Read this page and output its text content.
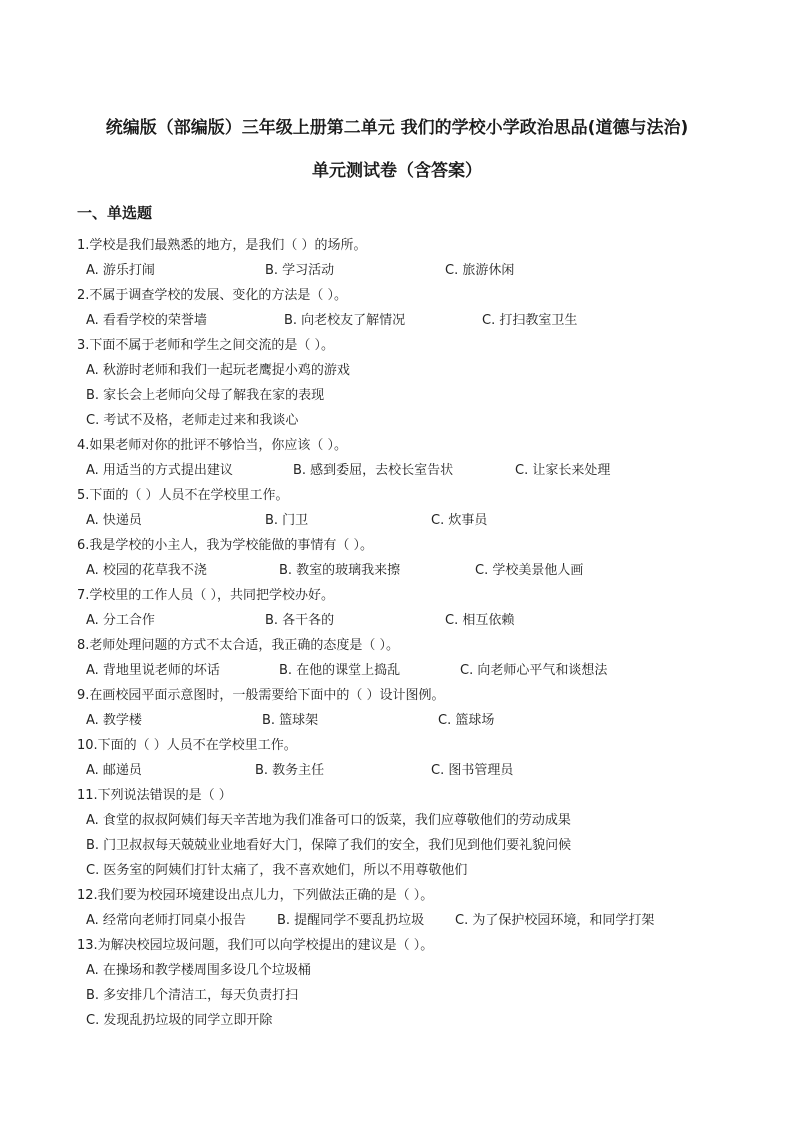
统编版（部编版）三年级上册第二单元 我们的学校小学政治思品(道德与法治)
单元测试卷（含答案）
一、单选题
1.学校是我们最熟悉的地方，是我们（ ）的场所。
A. 游乐打闹	B. 学习活动	C. 旅游休闲
2.不属于调查学校的发展、变化的方法是（ ）。
A. 看看学校的荣誉墙	B. 向老校友了解情况	C. 打扫教室卫生
3.下面不属于老师和学生之间交流的是（ ）。
A. 秋游时老师和我们一起玩老鹰捉小鸡的游戏
B. 家长会上老师向父母了解我在家的表现
C. 考试不及格，老师走过来和我谈心
4.如果老师对你的批评不够恰当，你应该（ ）。
A. 用适当的方式提出建议	B. 感到委屈，去校长室告状	C. 让家长来处理
5.下面的（ ）人员不在学校里工作。
A. 快递员	B. 门卫	C. 炊事员
6.我是学校的小主人，我为学校能做的事情有（ ）。
A. 校园的花草我不浇	B. 教室的玻璃我来擦	C. 学校美景他人画
7.学校里的工作人员（ ），共同把学校办好。
A. 分工合作	B. 各干各的	C. 相互依赖
8.老师处理问题的方式不太合适，我正确的态度是（ ）。
A. 背地里说老师的坏话	B. 在他的课堂上捣乱	C. 向老师心平气和谈想法
9.在画校园平面示意图时，一般需要给下面中的（ ）设计图例。
A. 教学楼	B. 篮球架	C. 篮球场
10.下面的（ ）人员不在学校里工作。
A. 邮递员	B. 教务主任	C. 图书管理员
11.下列说法错误的是（ ）
A. 食堂的叔叔阿姨们每天辛苦地为我们准备可口的饭菜，我们应尊敬他们的劳动成果
B. 门卫叔叔每天兢兢业业地看好大门，保障了我们的安全，我们见到他们要礼貌问候
C. 医务室的阿姨们打针太痛了，我不喜欢她们，所以不用尊敬他们
12.我们要为校园环境建设出点儿力，下列做法正确的是（ ）。
A. 经常向老师打同桌小报告 B. 提醒同学不要乱扔垃圾 C. 为了保护校园环境，和同学打架
13.为解决校园垃圾问题，我们可以向学校提出的建议是（ ）。
A. 在操场和教学楼周围多设几个垃圾桶
B. 多安排几个清洁工，每天负责打扫
C. 发现乱扔垃圾的同学立即开除
